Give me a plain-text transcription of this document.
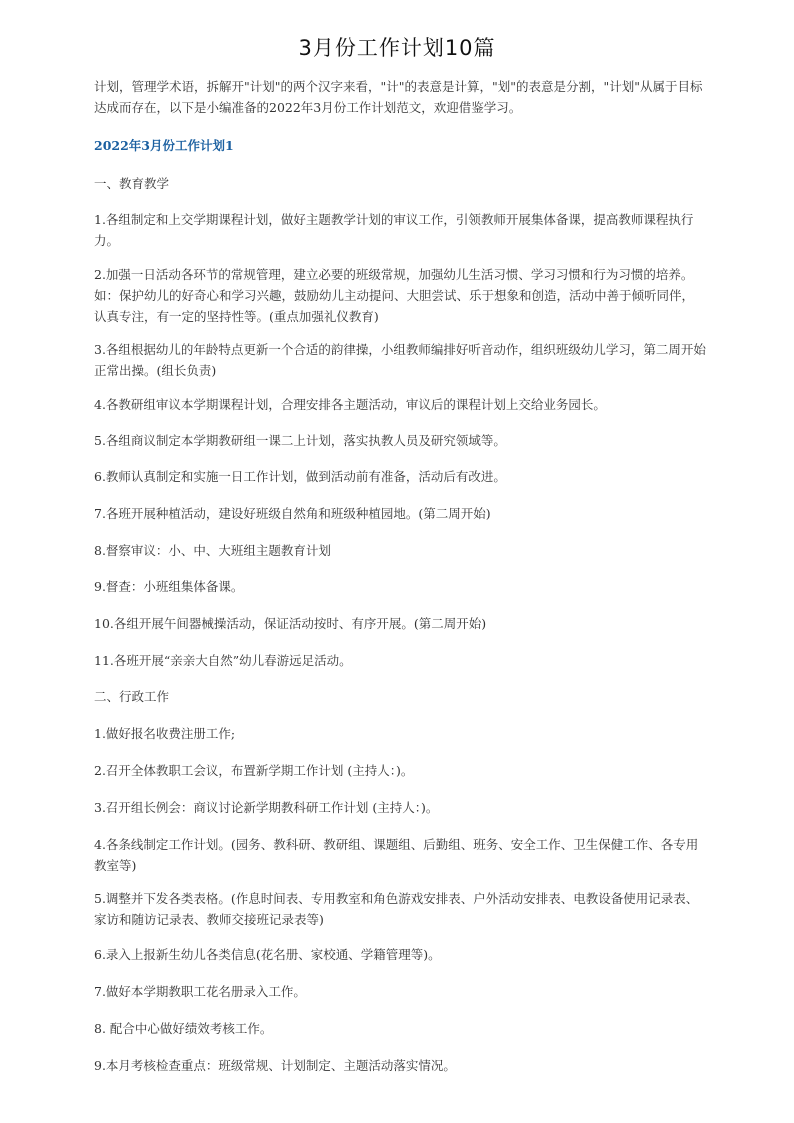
3月份工作计划10篇
计划，管理学术语，拆解开"计划"的两个汉字来看，"计"的表意是计算，"划"的表意是分割，"计划"从属于目标达成而存在，以下是小编准备的2022年3月份工作计划范文，欢迎借鉴学习。
2022年3月份工作计划1

一、教育教学

1.各组制定和上交学期课程计划，做好主题教学计划的审议工作，引领教师开展集体备课，提高教师课程执行力。

2.加强一日活动各环节的常规管理，建立必要的班级常规，加强幼儿生活习惯、学习习惯和行为习惯的培养。如：保护幼儿的好奇心和学习兴趣，鼓励幼儿主动提问、大胆尝试、乐于想象和创造，活动中善于倾听同伴，认真专注，有一定的坚持性等。(重点加强礼仪教育)

3.各组根据幼儿的年龄特点更新一个合适的韵律操，小组教师编排好听音动作，组织班级幼儿学习，第二周开始正常出操。(组长负责)

4.各教研组审议本学期课程计划，合理安排各主题活动，审议后的课程计划上交给业务园长。

5.各组商议制定本学期教研组一课二上计划，落实执教人员及研究领域等。

6.教师认真制定和实施一日工作计划，做到活动前有准备，活动后有改进。

7.各班开展种植活动，建设好班级自然角和班级种植园地。(第二周开始)

8.督察审议：小、中、大班组主题教育计划

9.督查：小班组集体备课。

10.各组开展午间器械操活动，保证活动按时、有序开展。(第二周开始)

11.各班开展“亲亲大自然”幼儿春游远足活动。

二、行政工作

1.做好报名收费注册工作;

2.召开全体教职工会议，布置新学期工作计划 (主持人：)。

3.召开组长例会：商议讨论新学期教科研工作计划 (主持人：)。

4.各条线制定工作计划。(园务、教科研、教研组、课题组、后勤组、班务、安全工作、卫生保健工作、各专用教室等)

5.调整并下发各类表格。(作息时间表、专用教室和角色游戏安排表、户外活动安排表、电教设备使用记录表、家访和随访记录表、教师交接班记录表等)

6.录入上报新生幼儿各类信息(花名册、家校通、学籍管理等)。

7.做好本学期教职工花名册录入工作。

8. 配合中心做好绩效考核工作。

9.本月考核检查重点：班级常规、计划制定、主题活动落实情况。
